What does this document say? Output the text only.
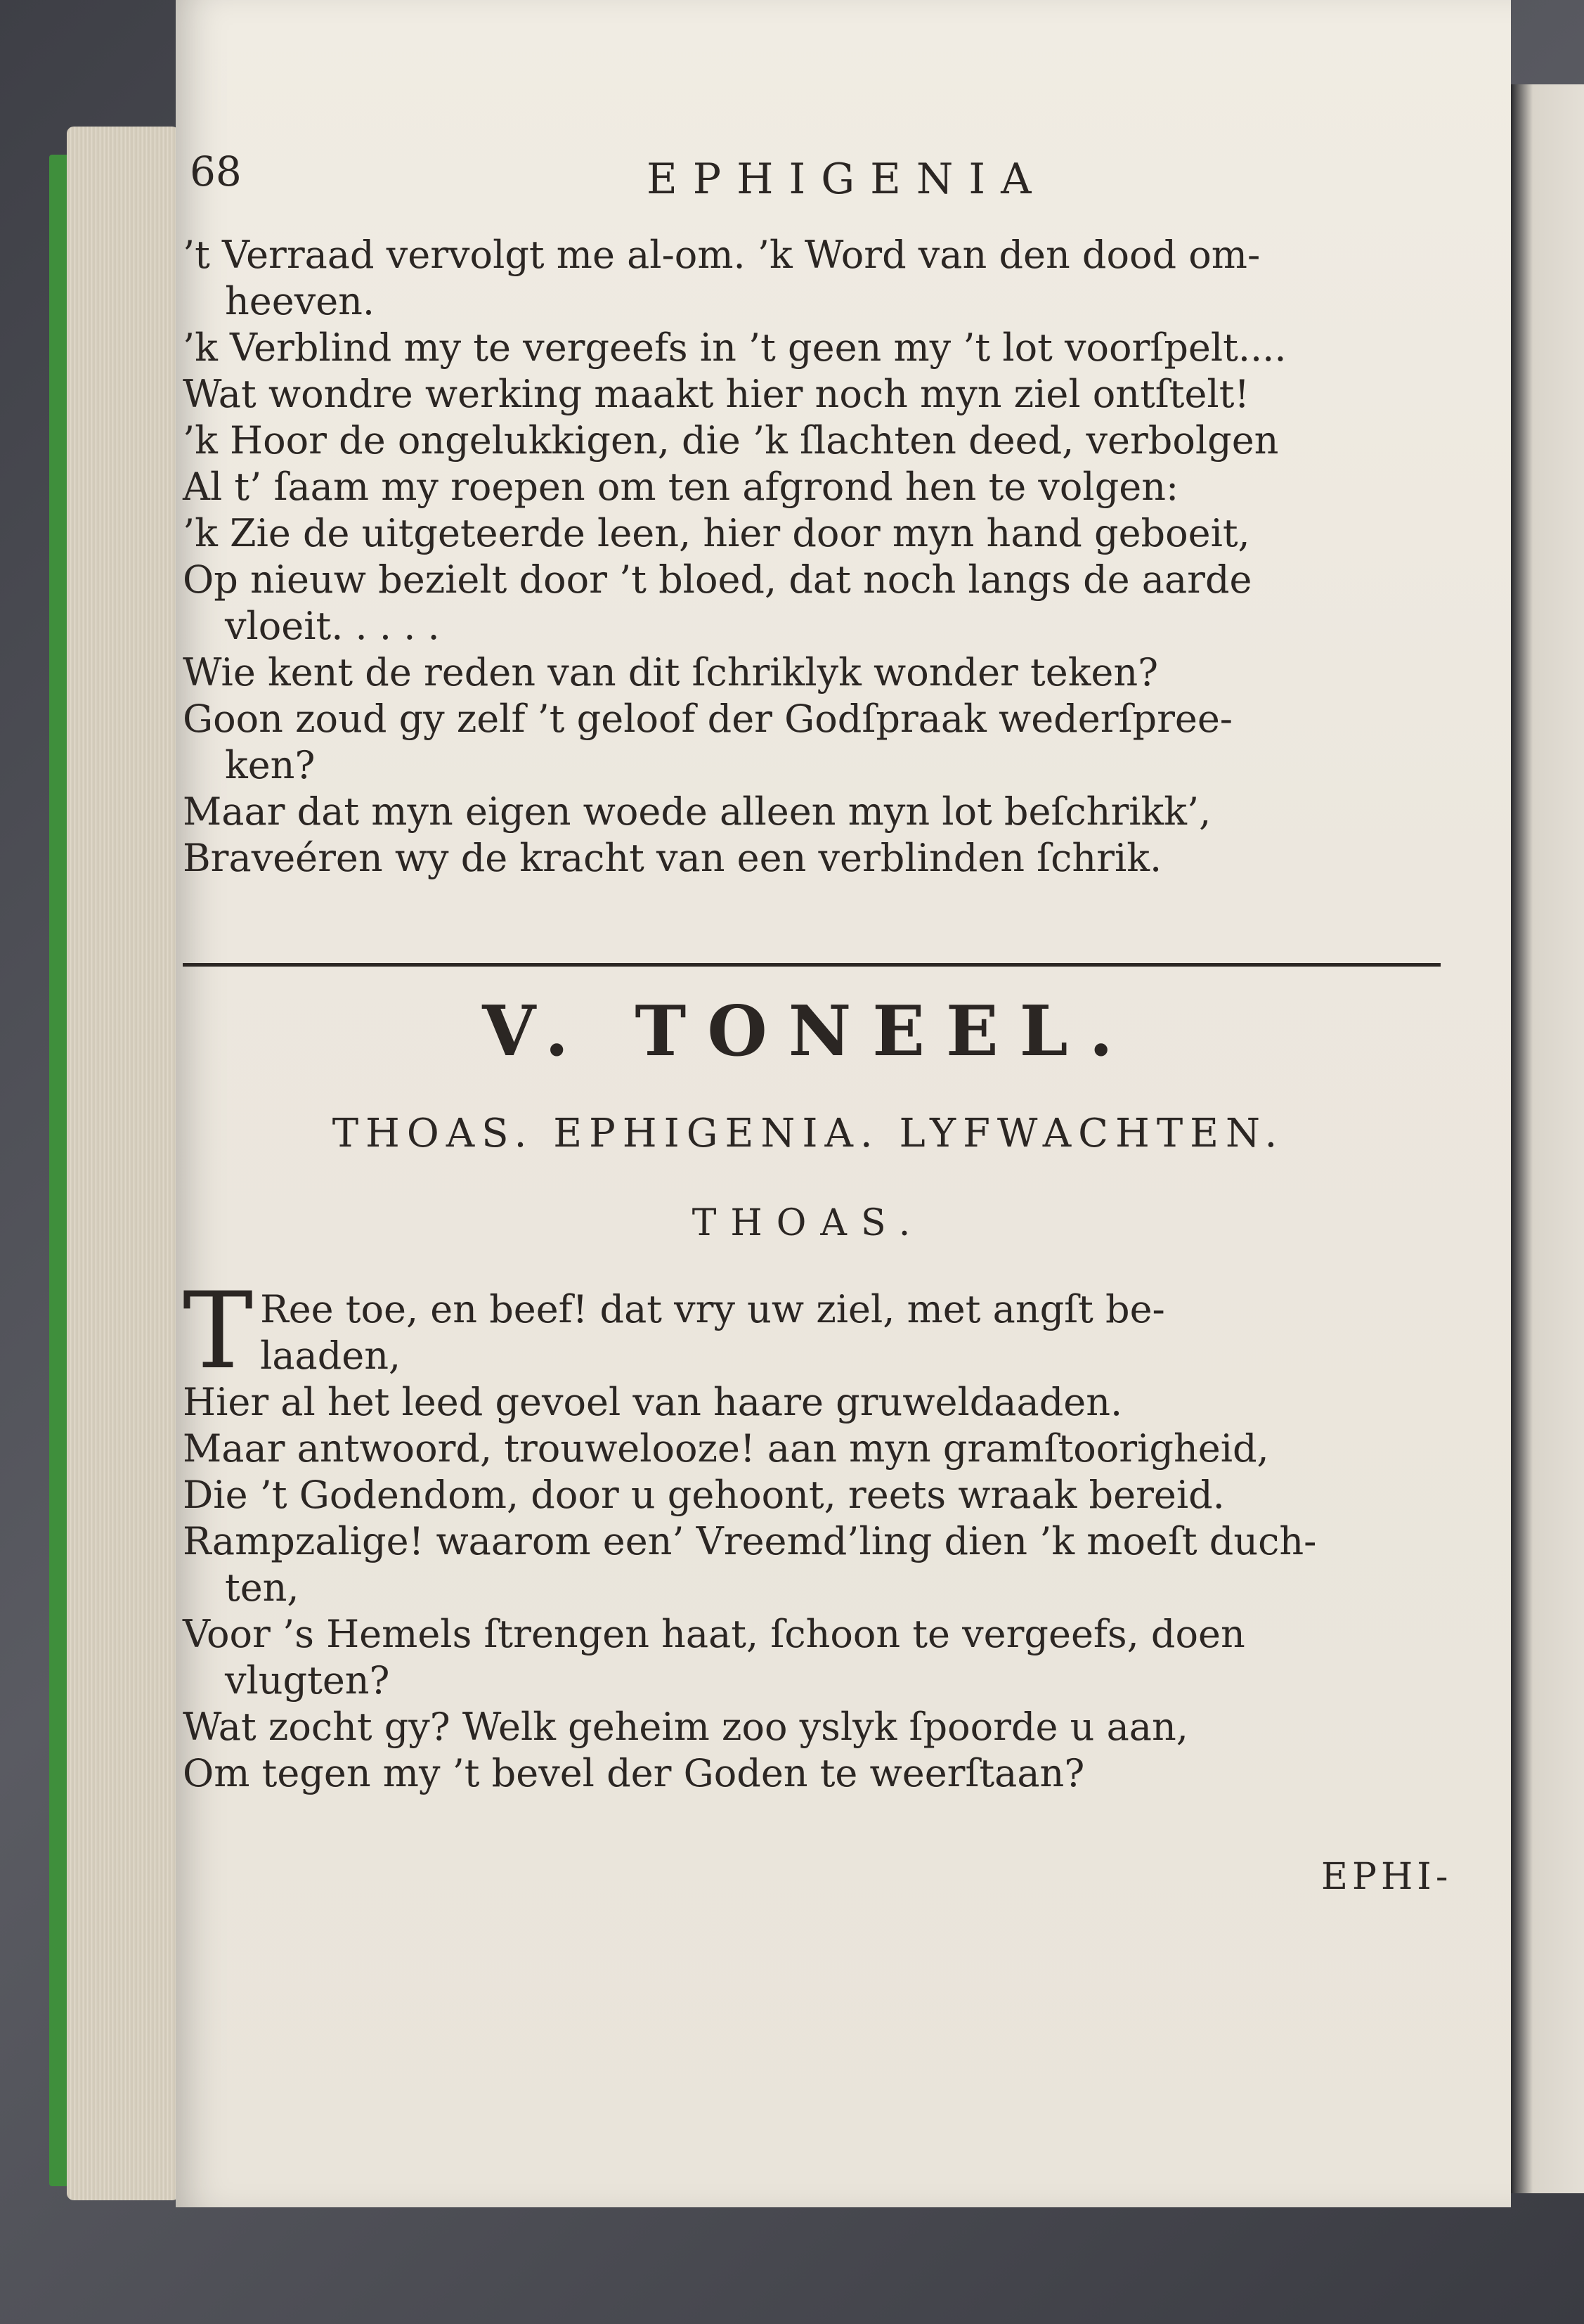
68	EPHIGENIA
’t Verraad vervolgt me al-om. ’k Word van den dood om-
heeven.
’k Verblind my te vergeefs in ’t geen my ’t lot voorſpelt....
Wat wondre werking maakt hier noch myn ziel ontſtelt!
’k Hoor de ongelukkigen, die ’k ſlachten deed, verbolgen
Al t’ ſaam my roepen om ten afgrond hen te volgen:
’k Zie de uitgeteerde leen, hier door myn hand geboeit,
Op nieuw bezielt door ’t bloed, dat noch langs de aarde
vloeit. . . . .
Wie kent de reden van dit ſchriklyk wonder teken?
Goon zoud gy zelf ’t geloof der Godſpraak wederſpree-
ken?
Maar dat myn eigen woede alleen myn lot beſchrikk’,
Braveéren wy de kracht van een verblinden ſchrik.
V. TONEEL.
THOAS. EPHIGENIA. LYFWACHTEN.
THOAS.
T Ree toe, en beef! dat vry uw ziel, met angſt be-
laaden,
Hier al het leed gevoel van haare gruweldaaden.
Maar antwoord, trouwelooze! aan myn gramſtoorigheid,
Die ’t Godendom, door u gehoont, reets wraak bereid.
Rampzalige! waarom een’ Vreemd’ling dien ’k moeſt duch-
ten,
Voor ’s Hemels ſtrengen haat, ſchoon te vergeefs, doen
vlugten?
Wat zocht gy? Welk geheim zoo yslyk ſpoorde u aan,
Om tegen my ’t bevel der Goden te weerſtaan?
EPHI-
